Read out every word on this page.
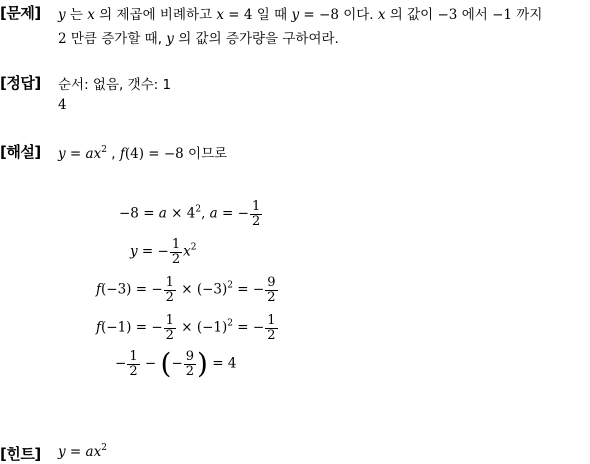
[문제] y 는 x 의 제곱에 비례하고 x = 4 일 때 y = −8 이다. x 의 값이 −3 에서 −1 까지
2 만큼 증가할 때, y 의 값의 증가량을 구하여라.
[정답] 순서: 없음, 갯수: 1
4
[해설] $y = ax^2$ , f(4) = −8 이므로
$-8 = a \times 4^2$, a = − $\frac{1}{2}$
y = − $\frac{1}{2} x^2$
f(−3) = − $\frac{1}{2} \times (-3)^2$ = − $\frac{9}{2}$
f(−1) = − $\frac{1}{2} \times (-1)^2$ = − $\frac{1}{2}$
− $\frac{1}{2}$ − (− $\frac{9}{2}$ ) = 4
[힌트] $y = ax^2$
